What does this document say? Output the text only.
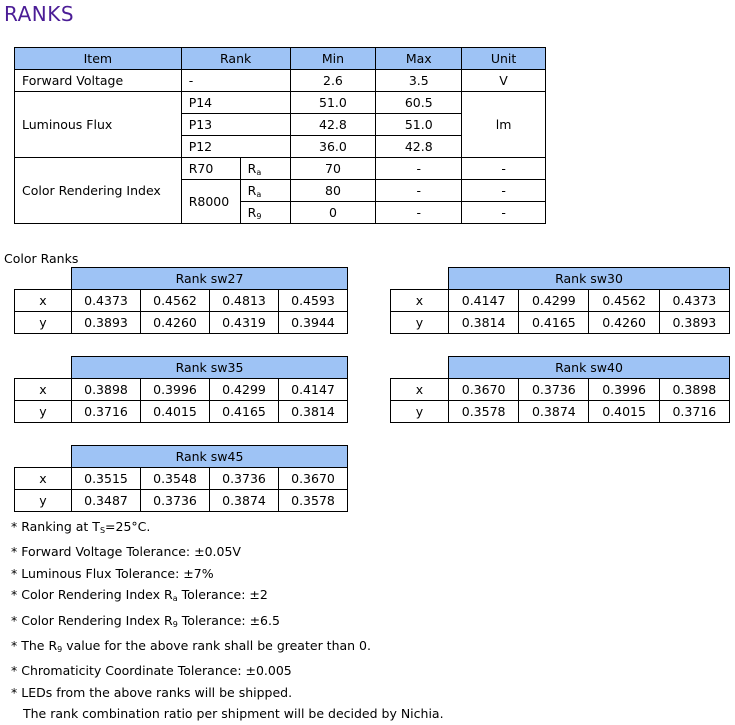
RANKS
Item	Rank		Min	Max	Unit
Forward Voltage	-		2.6	3.5	V
Luminous Flux	P14		51.0	60.5	lm
	P13		42.8	51.0	
	P12		36.0	42.8	
Color Rendering Index	R70	$R_a$	70	-	-
	R8000	$R_a$	80	-	-
		$R_9$	0	-	-
Color Ranks
	Rank sw27			
x	0.4373	0.4562	0.4813	0.4593
y	0.3893	0.4260	0.4319	0.3944
	Rank sw30			
x	0.4147	0.4299	0.4562	0.4373
y	0.3814	0.4165	0.4260	0.3893
	Rank sw35			
x	0.3898	0.3996	0.4299	0.4147
y	0.3716	0.4015	0.4165	0.3814
	Rank sw40			
x	0.3670	0.3736	0.3996	0.3898
y	0.3578	0.3874	0.4015	0.3716
	Rank sw45			
x	0.3515	0.3548	0.3736	0.3670
y	0.3487	0.3736	0.3874	0.3578
* Ranking at $T_S=25^\circ C$.
* Forward Voltage Tolerance: ±0.05V
* Luminous Flux Tolerance: ±7%
* Color Rendering Index $R_a$ Tolerance: ±2
* Color Rendering Index $R_9$ Tolerance: ±6.5
* The $R_9$ value for the above rank shall be greater than 0.
* Chromaticity Coordinate Tolerance: ±0.005
* LEDs from the above ranks will be shipped.
The rank combination ratio per shipment will be decided by Nichia.
